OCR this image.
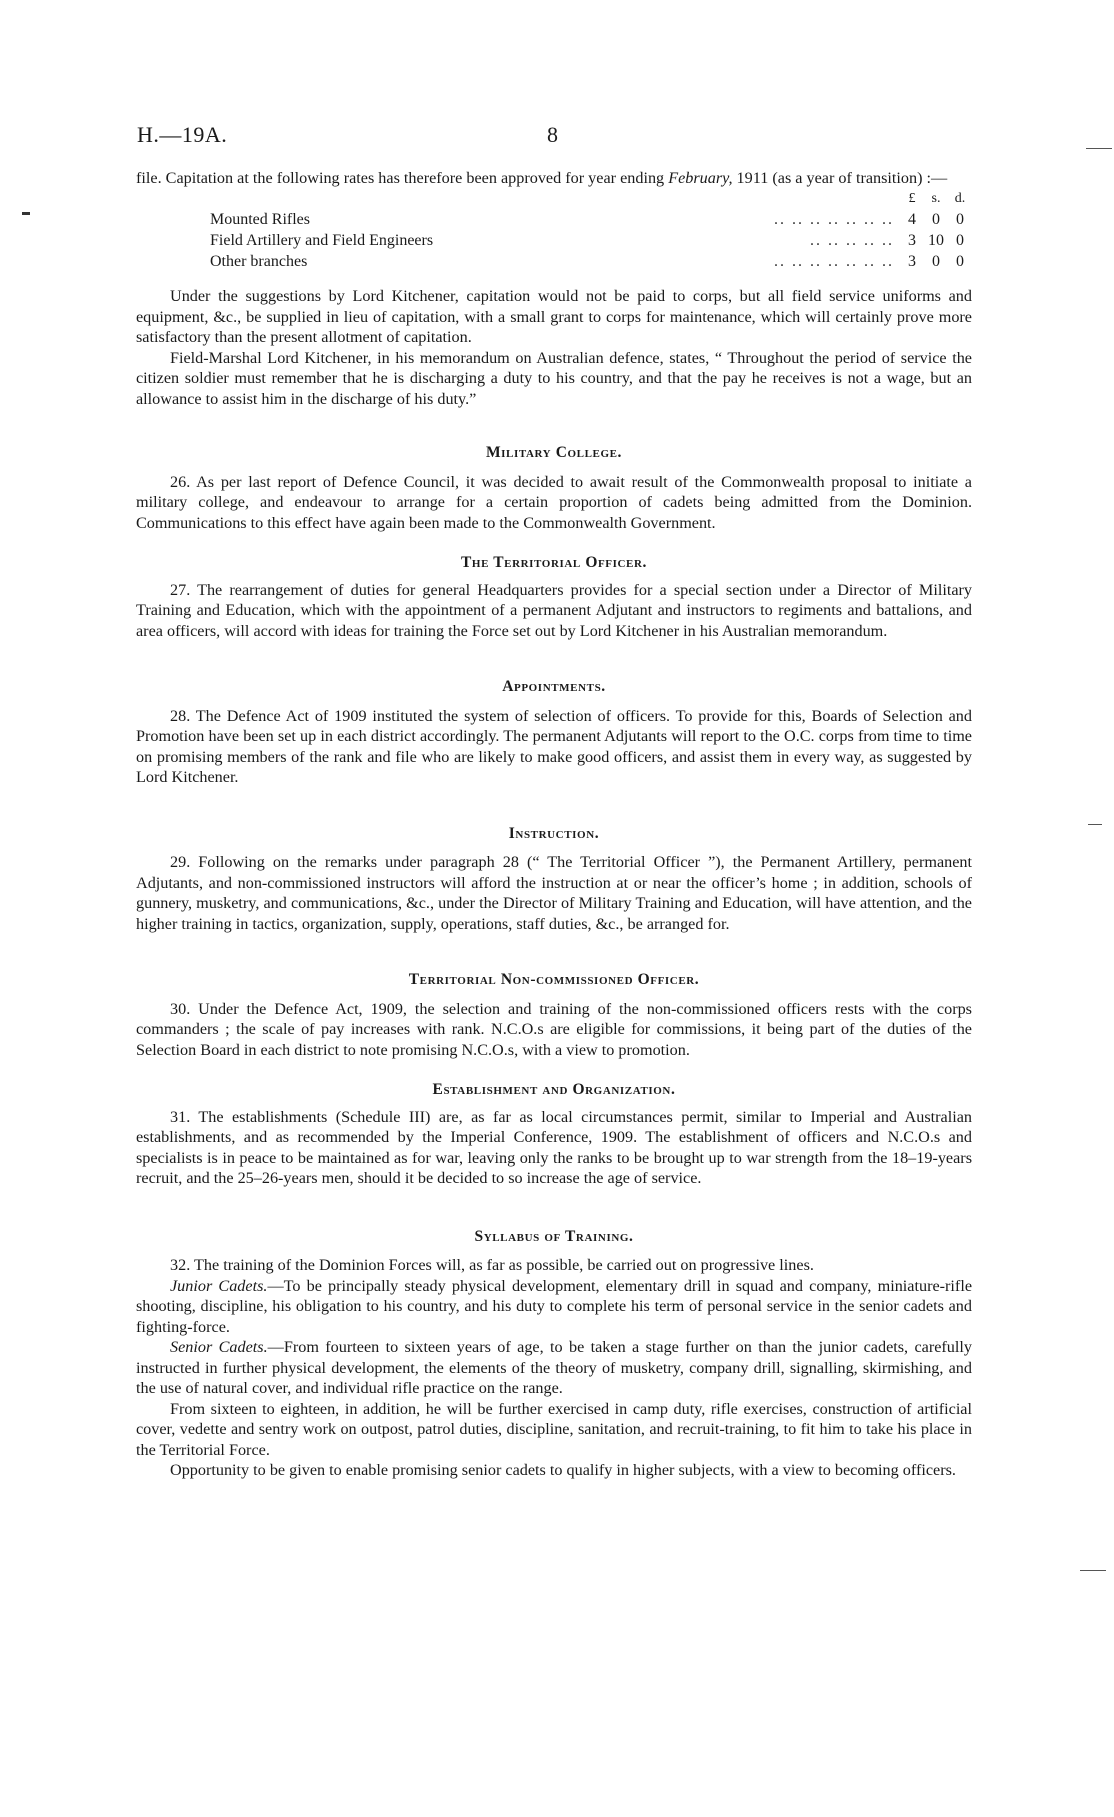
H.—19A.	8

file. Capitation at the following rates has therefore been approved for year ending February, 1911 (as a year of transition) :—

		£	s.	d.
Mounted Rifles	.. .. .. .. .. .. ..	4	0	0
Field Artillery and Field Engineers	.. .. .. .. ..	3	10	0
Other branches	.. .. .. .. .. .. ..	3	0	0

Under the suggestions by Lord Kitchener, capitation would not be paid to corps, but all field service uniforms and equipment, &c., be supplied in lieu of capitation, with a small grant to corps for maintenance, which will certainly prove more satisfactory than the present allotment of capitation.

Field-Marshal Lord Kitchener, in his memorandum on Australian defence, states, “ Throughout the period of service the citizen soldier must remember that he is discharging a duty to his country, and that the pay he receives is not a wage, but an allowance to assist him in the discharge of his duty.”

Military College.

26. As per last report of Defence Council, it was decided to await result of the Commonwealth proposal to initiate a military college, and endeavour to arrange for a certain proportion of cadets being admitted from the Dominion. Communications to this effect have again been made to the Commonwealth Government.

The Territorial Officer.

27. The rearrangement of duties for general Headquarters provides for a special section under a Director of Military Training and Education, which with the appointment of a permanent Adjutant and instructors to regiments and battalions, and area officers, will accord with ideas for training the Force set out by Lord Kitchener in his Australian memorandum.

Appointments.

28. The Defence Act of 1909 instituted the system of selection of officers. To provide for this, Boards of Selection and Promotion have been set up in each district accordingly. The permanent Adjutants will report to the O.C. corps from time to time on promising members of the rank and file who are likely to make good officers, and assist them in every way, as suggested by Lord Kitchener.

Instruction.

29. Following on the remarks under paragraph 28 (“ The Territorial Officer ”), the Permanent Artillery, permanent Adjutants, and non-commissioned instructors will afford the instruction at or near the officer’s home ; in addition, schools of gunnery, musketry, and communications, &c., under the Director of Military Training and Education, will have attention, and the higher training in tactics, organization, supply, operations, staff duties, &c., be arranged for.

Territorial Non-commissioned Officer.

30. Under the Defence Act, 1909, the selection and training of the non-commissioned officers rests with the corps commanders ; the scale of pay increases with rank. N.C.O.s are eligible for commissions, it being part of the duties of the Selection Board in each district to note promising N.C.O.s, with a view to promotion.

Establishment and Organization.

31. The establishments (Schedule III) are, as far as local circumstances permit, similar to Imperial and Australian establishments, and as recommended by the Imperial Conference, 1909. The establishment of officers and N.C.O.s and specialists is in peace to be maintained as for war, leaving only the ranks to be brought up to war strength from the 18–19-years recruit, and the 25–26-years men, should it be decided to so increase the age of service.

Syllabus of Training.

32. The training of the Dominion Forces will, as far as possible, be carried out on progressive lines.

Junior Cadets.—To be principally steady physical development, elementary drill in squad and company, miniature-rifle shooting, discipline, his obligation to his country, and his duty to complete his term of personal service in the senior cadets and fighting-force.

Senior Cadets.—From fourteen to sixteen years of age, to be taken a stage further on than the junior cadets, carefully instructed in further physical development, the elements of the theory of musketry, company drill, signalling, skirmishing, and the use of natural cover, and individual rifle practice on the range.

From sixteen to eighteen, in addition, he will be further exercised in camp duty, rifle exercises, construction of artificial cover, vedette and sentry work on outpost, patrol duties, discipline, sanitation, and recruit-training, to fit him to take his place in the Territorial Force.

Opportunity to be given to enable promising senior cadets to qualify in higher subjects, with a view to becoming officers.
